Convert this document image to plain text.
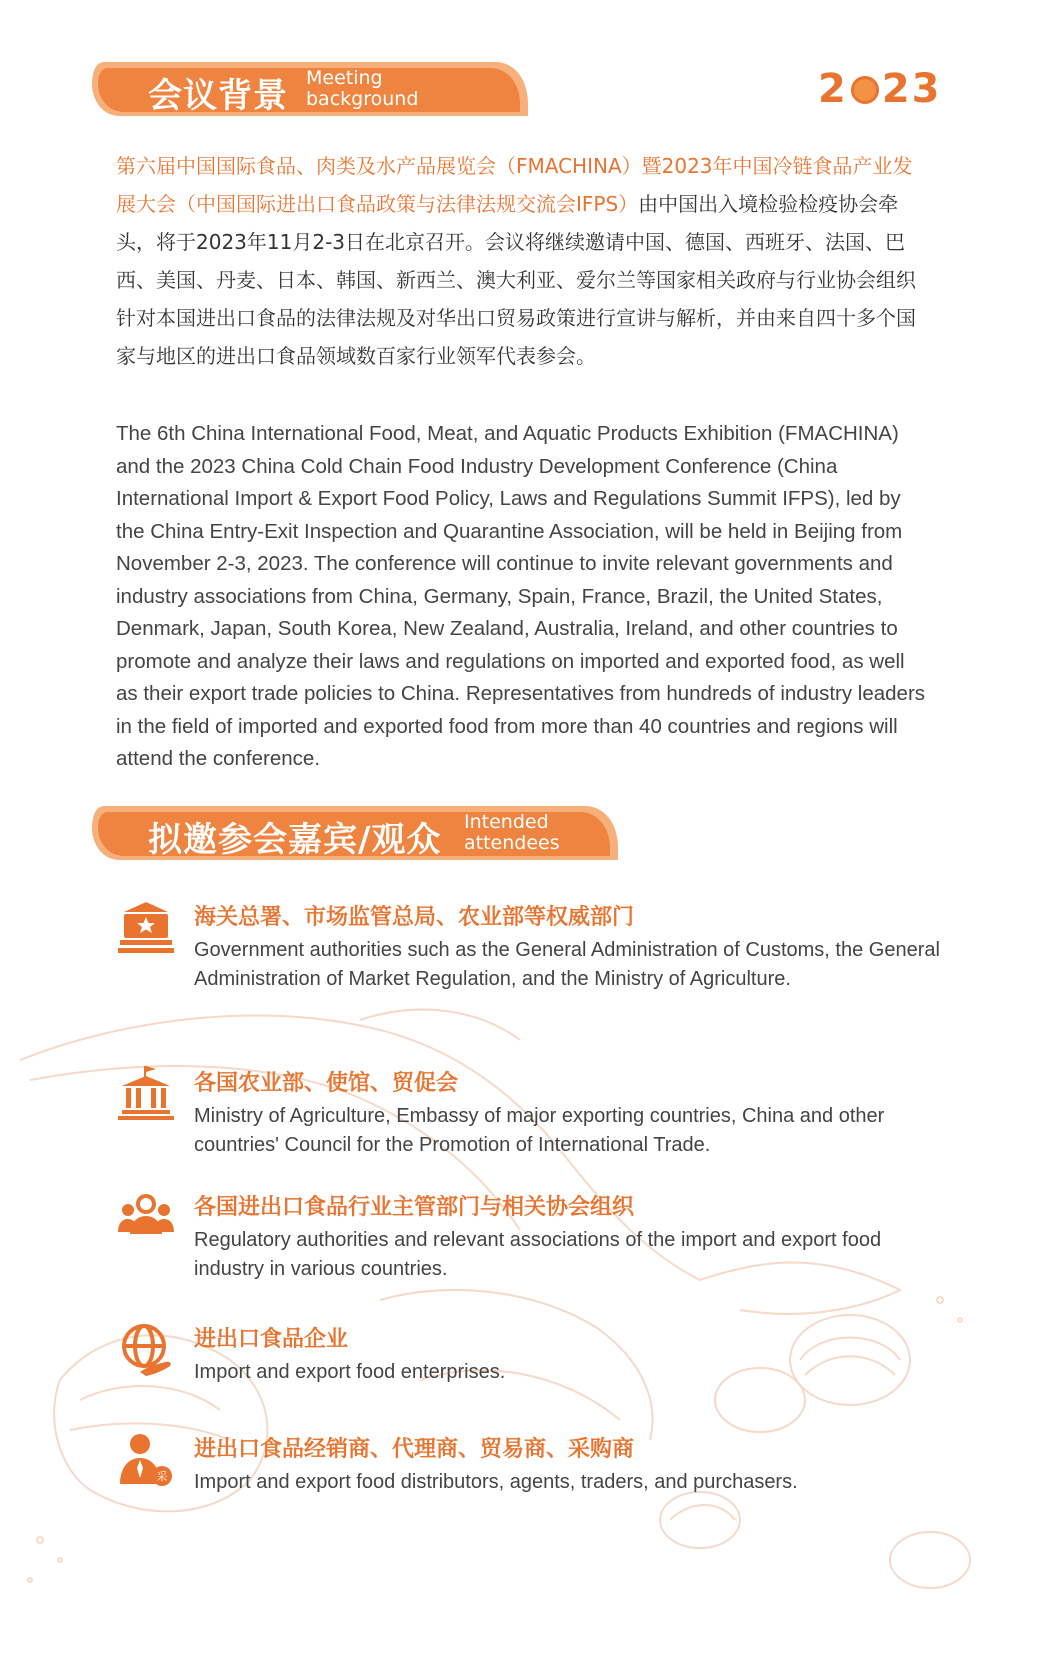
会议背景 Meeting
background	2 23
第六届中国国际食品、肉类及水产品展览会（FMACHINA）暨2023年中国冷链食品产业发展大会（中国国际进出口食品政策与法律法规交流会IFPS）由中国出入境检验检疫协会牵头，将于2023年11月2-3日在北京召开。会议将继续邀请中国、德国、西班牙、法国、巴西、美国、丹麦、日本、韩国、新西兰、澳大利亚、爱尔兰等国家相关政府与行业协会组织针对本国进出口食品的法律法规及对华出口贸易政策进行宣讲与解析，并由来自四十多个国家与地区的进出口食品领域数百家行业领军代表参会。
The 6th China International Food, Meat, and Aquatic Products Exhibition (FMACHINA) and the 2023 China Cold Chain Food Industry Development Conference (China International Import & Export Food Policy, Laws and Regulations Summit IFPS), led by the China Entry-Exit Inspection and Quarantine Association, will be held in Beijing from November 2-3, 2023. The conference will continue to invite relevant governments and industry associations from China, Germany, Spain, France, Brazil, the United States, Denmark, Japan, South Korea, New Zealand, Australia, Ireland, and other countries to promote and analyze their laws and regulations on imported and exported food, as well as their export trade policies to China. Representatives from hundreds of industry leaders in the field of imported and exported food from more than 40 countries and regions will attend the conference.
拟邀参会嘉宾/观众 Intended
attendees
海关总署、市场监管总局、农业部等权威部门
Government authorities such as the General Administration of Customs, the General Administration of Market Regulation, and the Ministry of Agriculture.
各国农业部、使馆、贸促会
Ministry of Agriculture, Embassy of major exporting countries, China and other countries' Council for the Promotion of International Trade.
各国进出口食品行业主管部门与相关协会组织
Regulatory authorities and relevant associations of the import and export food industry in various countries.
进出口食品企业
Import and export food enterprises.
采
进出口食品经销商、代理商、贸易商、采购商
Import and export food distributors, agents, traders, and purchasers.
